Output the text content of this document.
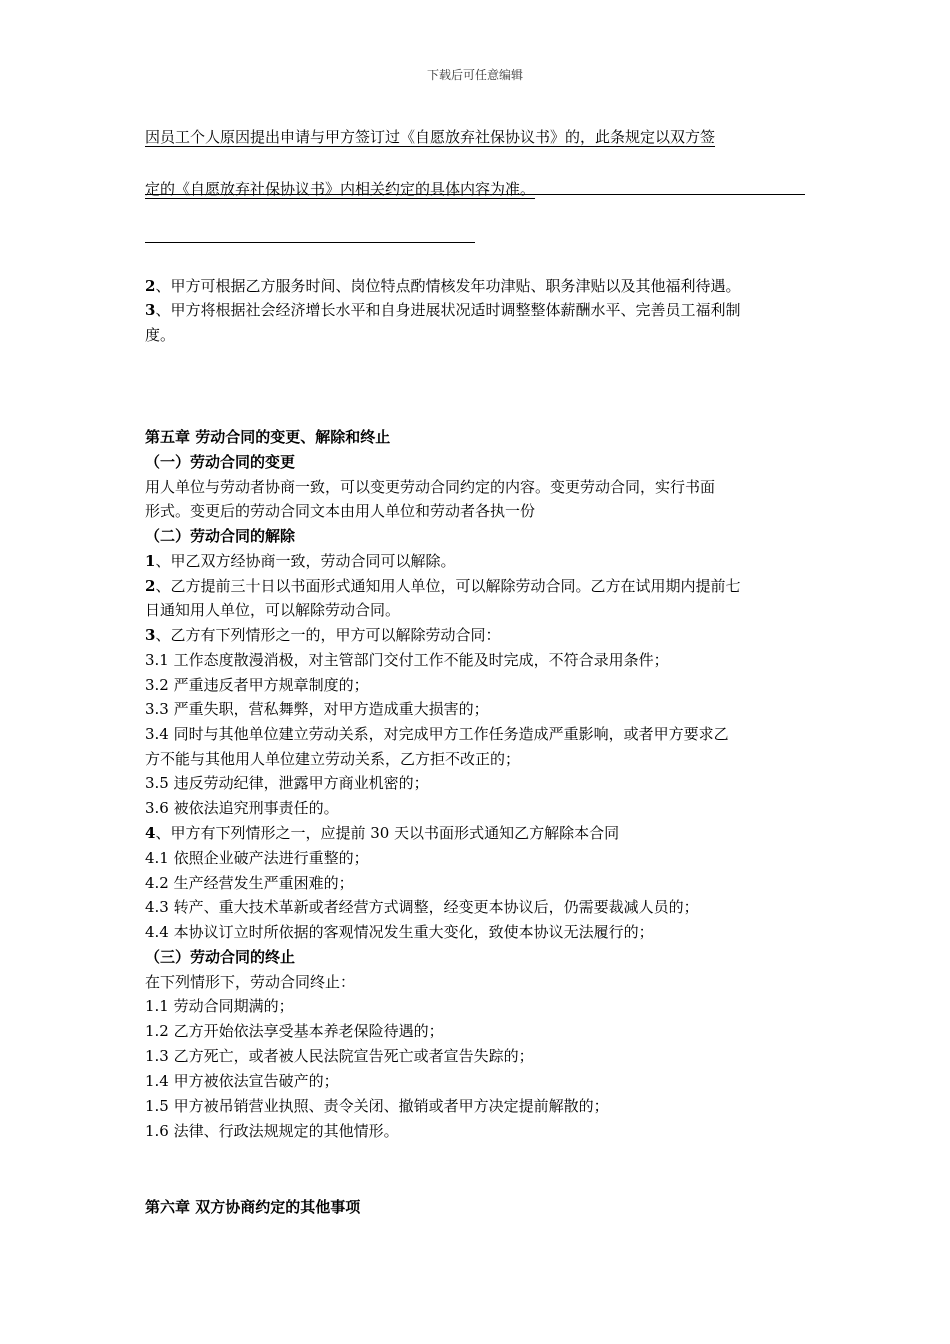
下载后可任意编辑
因员工个人原因提出申请与甲方签订过《自愿放弃社保协议书》的，此条规定以双方签
定的《自愿放弃社保协议书》内相关约定的具体内容为准。
2、甲方可根据乙方服务时间、岗位特点酌情核发年功津贴、职务津贴以及其他福利待遇。
3、甲方将根据社会经济增长水平和自身进展状况适时调整整体薪酬水平、完善员工福利制
度。
第五章 劳动合同的变更、解除和终止
（一）劳动合同的变更
用人单位与劳动者协商一致，可以变更劳动合同约定的内容。变更劳动合同，实行书面
形式。变更后的劳动合同文本由用人单位和劳动者各执一份
（二）劳动合同的解除
1、甲乙双方经协商一致，劳动合同可以解除。
2、乙方提前三十日以书面形式通知用人单位，可以解除劳动合同。乙方在试用期内提前七
日通知用人单位，可以解除劳动合同。
3、乙方有下列情形之一的，甲方可以解除劳动合同：
3.1 工作态度散漫消极，对主管部门交付工作不能及时完成，不符合录用条件；
3.2 严重违反者甲方规章制度的；
3.3 严重失职，营私舞弊，对甲方造成重大损害的；
3.4 同时与其他单位建立劳动关系，对完成甲方工作任务造成严重影响，或者甲方要求乙
方不能与其他用人单位建立劳动关系，乙方拒不改正的；
3.5 违反劳动纪律，泄露甲方商业机密的；
3.6 被依法追究刑事责任的。
4、甲方有下列情形之一，应提前 30 天以书面形式通知乙方解除本合同
4.1 依照企业破产法进行重整的；
4.2 生产经营发生严重困难的；
4.3 转产、重大技术革新或者经营方式调整，经变更本协议后，仍需要裁减人员的；
4.4 本协议订立时所依据的客观情况发生重大变化，致使本协议无法履行的；
（三）劳动合同的终止
在下列情形下，劳动合同终止：
1.1 劳动合同期满的；
1.2 乙方开始依法享受基本养老保险待遇的；
1.3 乙方死亡，或者被人民法院宣告死亡或者宣告失踪的；
1.4 甲方被依法宣告破产的；
1.5 甲方被吊销营业执照、责令关闭、撤销或者甲方决定提前解散的；
1.6 法律、行政法规规定的其他情形。
第六章 双方协商约定的其他事项
